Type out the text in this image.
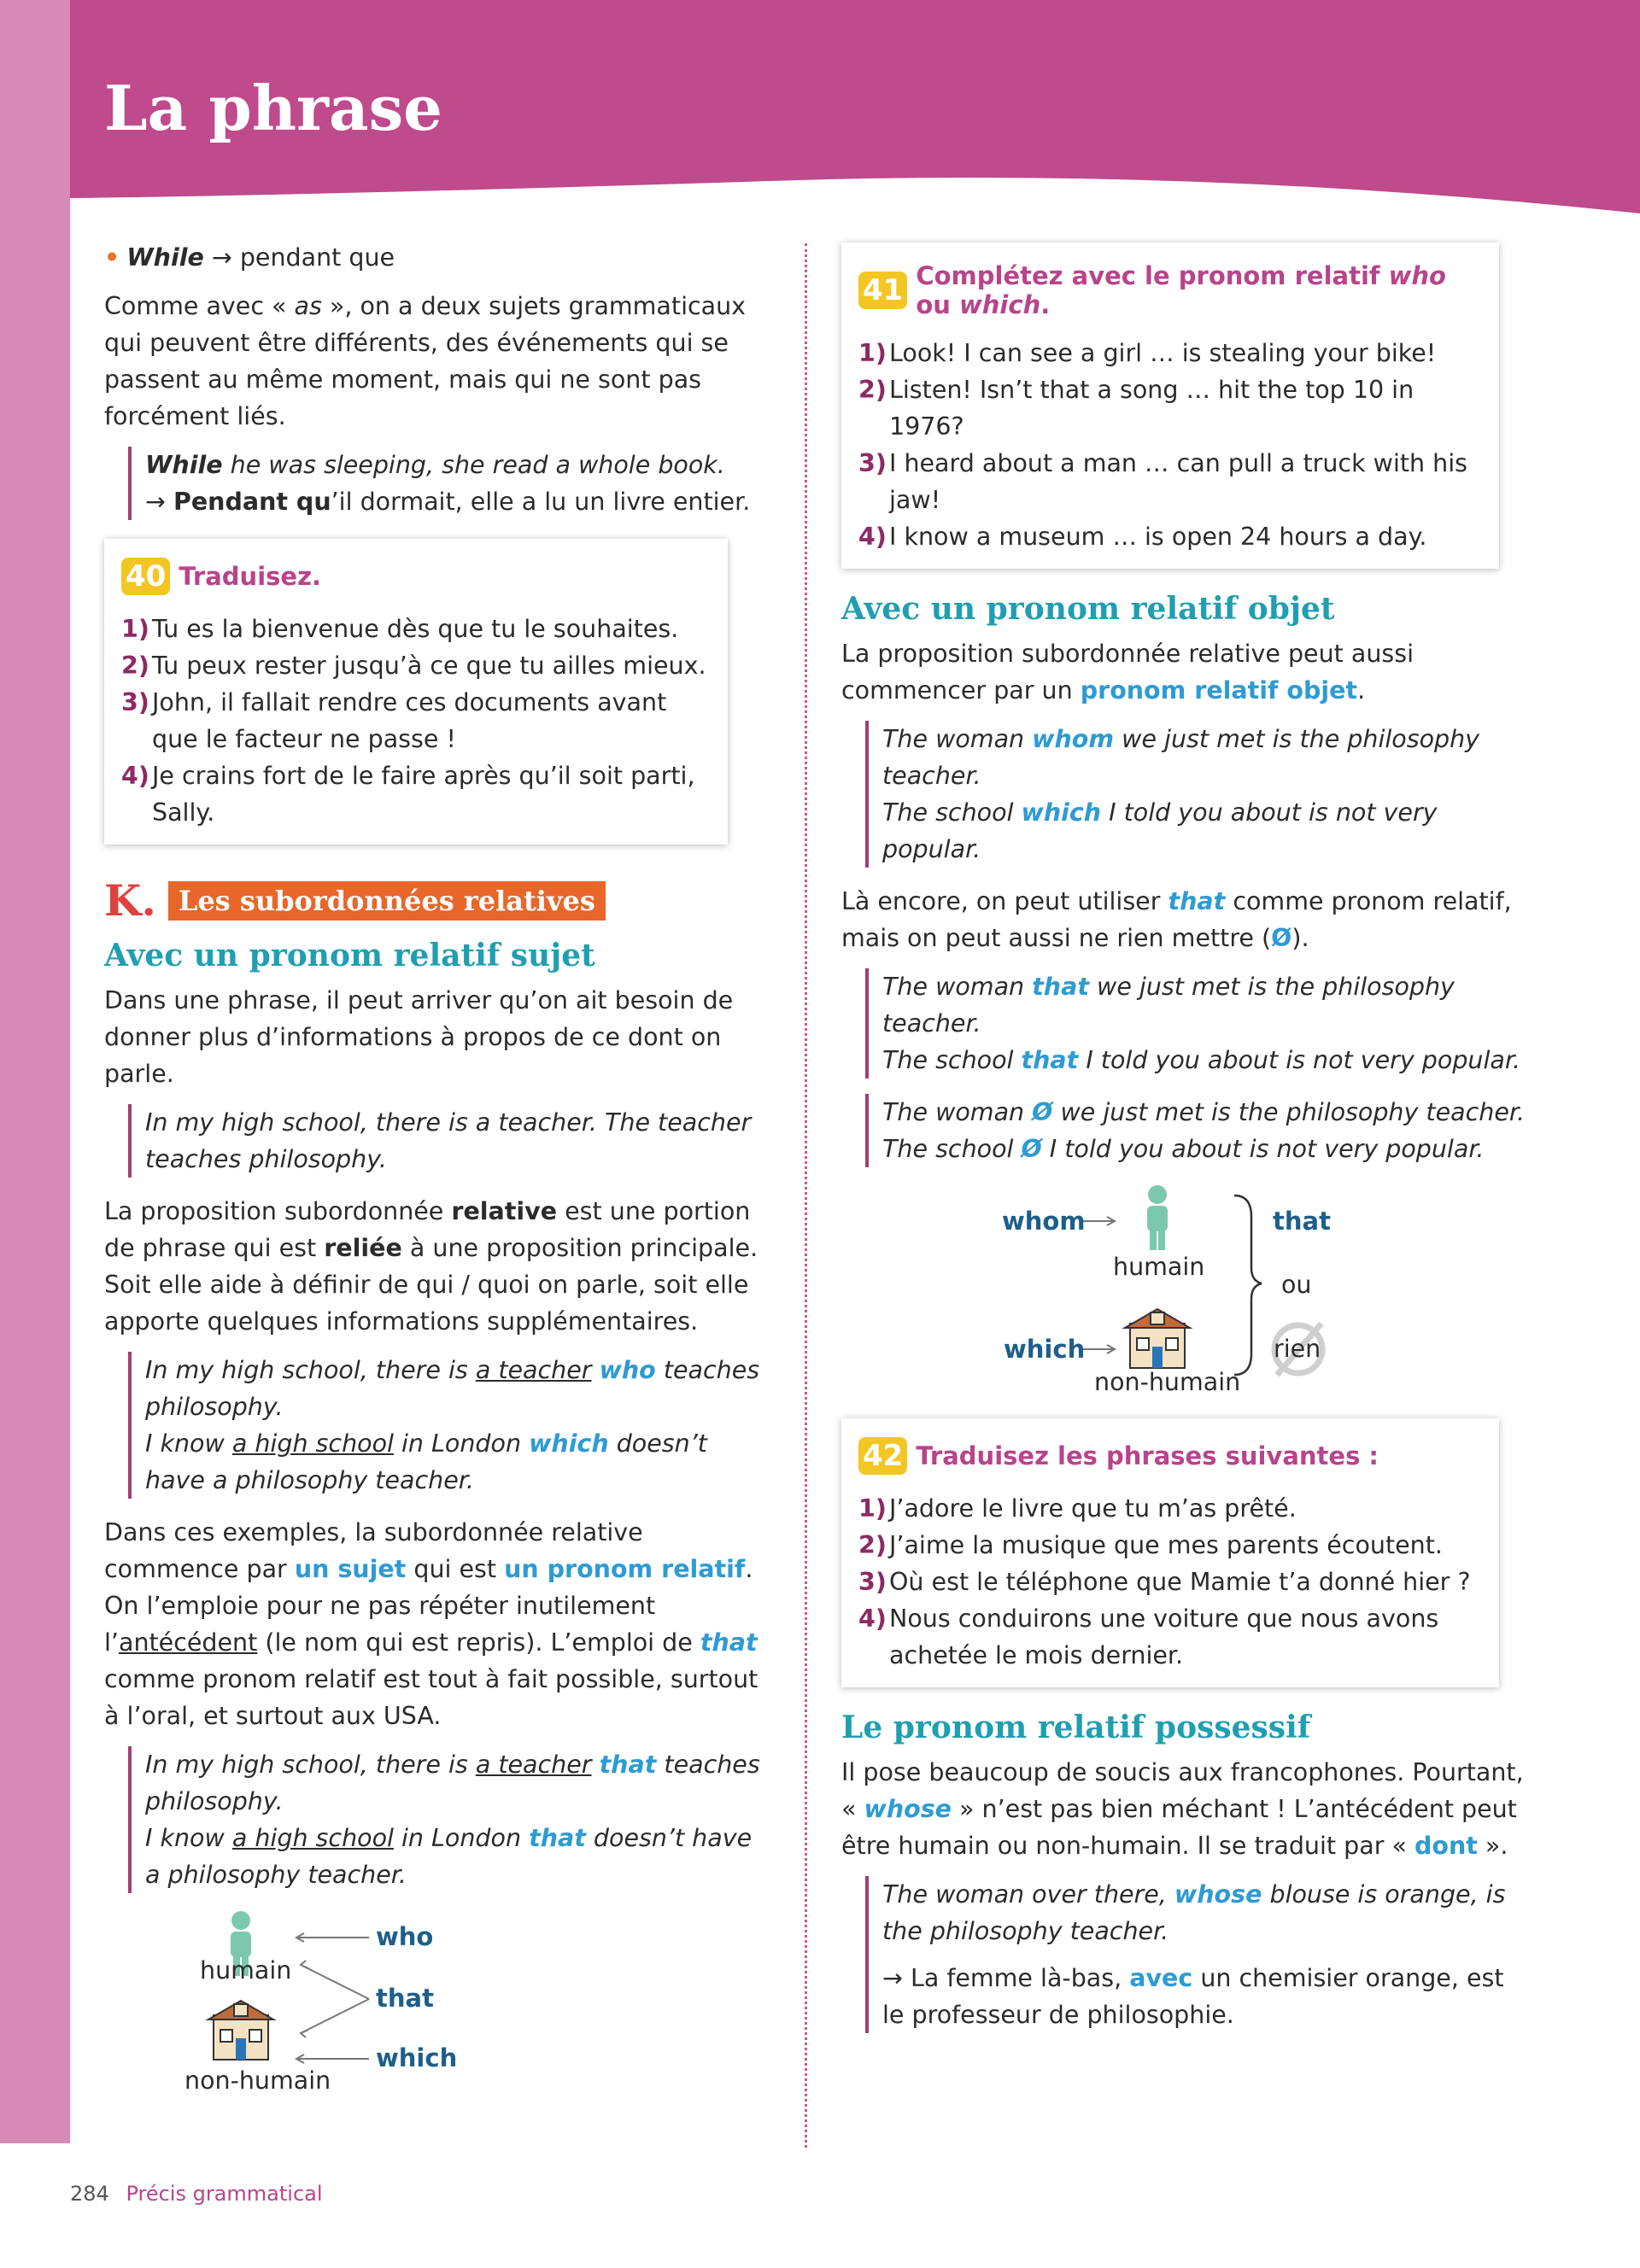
La phrase

• While → pendant que

Comme avec « as », on a deux sujets grammaticaux qui peuvent être différents, des événements qui se passent au même moment, mais qui ne sont pas forcément liés.

While he was sleeping, she read a whole book.
→ Pendant qu’il dormait, elle a lu un livre entier.
40 Traduisez.
1) Tu es la bienvenue dès que tu le souhaites.
2) Tu peux rester jusqu’à ce que tu ailles mieux.
3) John, il fallait rendre ces documents avant que le facteur ne passe !
4) Je crains fort de le faire après qu’il soit parti, Sally.
K. Les subordonnées relatives
Avec un pronom relatif sujet

Dans une phrase, il peut arriver qu’on ait besoin de donner plus d’informations à propos de ce dont on parle.

In my high school, there is a teacher. The teacher teaches philosophy.

La proposition subordonnée relative est une portion de phrase qui est reliée à une proposition principale. Soit elle aide à définir de qui / quoi on parle, soit elle apporte quelques informations supplémentaires.

In my high school, there is a teacher who teaches philosophy.
I know a high school in London which doesn’t have a philosophy teacher.

Dans ces exemples, la subordonnée relative commence par un sujet qui est un pronom relatif. On l’emploie pour ne pas répéter inutilement l’antécédent (le nom qui est repris). L’emploi de that comme pronom relatif est tout à fait possible, surtout à l’oral, et surtout aux USA.

In my high school, there is a teacher that teaches philosophy.
I know a high school in London that doesn’t have a philosophy teacher.
humain
non-humain
who
that
which
41 Complétez avec le pronom relatif who ou which.
1) Look! I can see a girl … is stealing your bike!
2) Listen! Isn’t that a song … hit the top 10 in 1976?
3) I heard about a man … can pull a truck with his jaw!
4) I know a museum … is open 24 hours a day.
Avec un pronom relatif objet

La proposition subordonnée relative peut aussi commencer par un pronom relatif objet.

The woman whom we just met is the philosophy teacher.
The school which I told you about is not very popular.

Là encore, on peut utiliser that comme pronom relatif, mais on peut aussi ne rien mettre (Ø).

The woman that we just met is the philosophy teacher.
The school that I told you about is not very popular.
The woman Ø we just met is the philosophy teacher.
The school Ø I told you about is not very popular.
whom
which
humain
non-humain
that
ou
rien
42 Traduisez les phrases suivantes :
1) J’adore le livre que tu m’as prêté.
2) J’aime la musique que mes parents écoutent.
3) Où est le téléphone que Mamie t’a donné hier ?
4) Nous conduirons une voiture que nous avons achetée le mois dernier.
Le pronom relatif possessif

Il pose beaucoup de soucis aux francophones. Pourtant, « whose » n’est pas bien méchant ! L’antécédent peut être humain ou non-humain. Il se traduit par « dont ».

The woman over there, whose blouse is orange, is the philosophy teacher.
→ La femme là-bas, avec un chemisier orange, est le professeur de philosophie.
284 Précis grammatical
